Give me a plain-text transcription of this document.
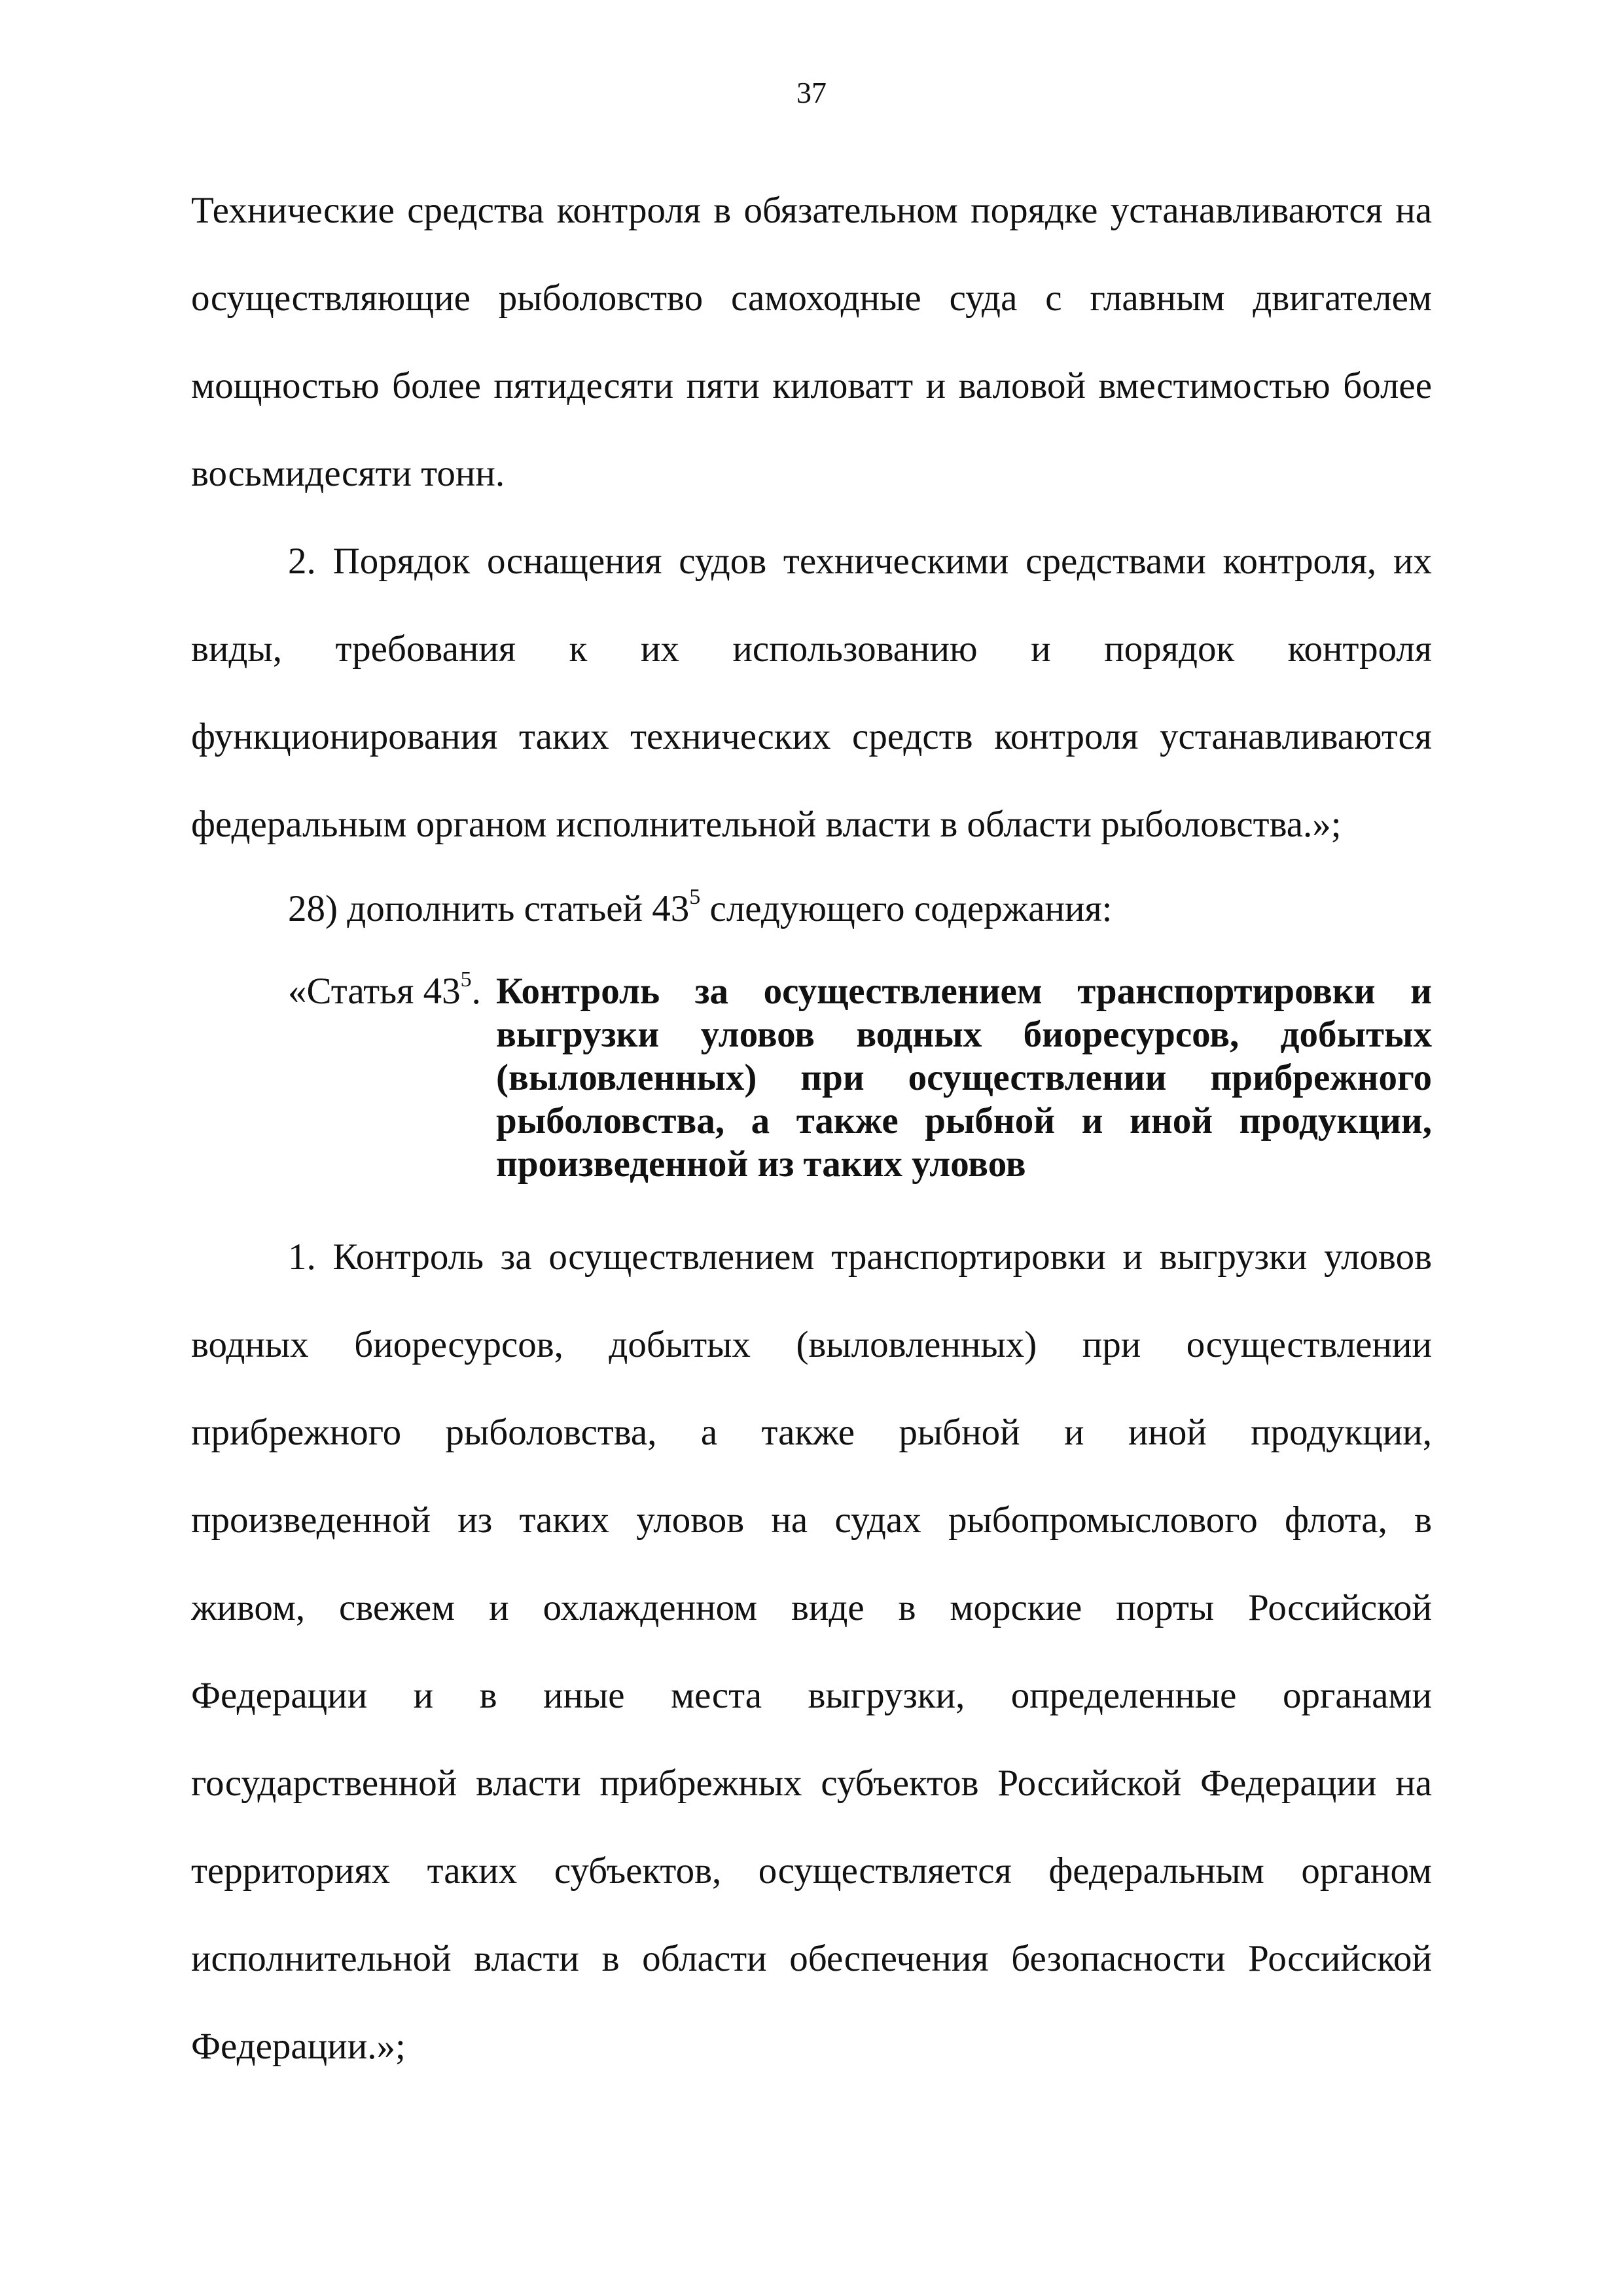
37
Технические средства контроля в обязательном порядке устанавливаются на
осуществляющие рыболовство самоходные суда с главным двигателем
мощностью более пятидесяти пяти киловатт и валовой вместимостью более
восьмидесяти тонн.
2. Порядок оснащения судов техническими средствами контроля, их
виды, требования к их использованию и порядок контроля
функционирования таких технических средств контроля устанавливаются
федеральным органом исполнительной власти в области рыболовства.»;
28) дополнить статьей $43^5$ следующего содержания:
«Статья $43^5$. Контроль за осуществлением транспортировки и
выгрузки уловов водных биоресурсов, добытых
(выловленных) при осуществлении прибрежного
рыболовства, а также рыбной и иной продукции,
произведенной из таких уловов
1. Контроль за осуществлением транспортировки и выгрузки уловов
водных биоресурсов, добытых (выловленных) при осуществлении
прибрежного рыболовства, а также рыбной и иной продукции,
произведенной из таких уловов на судах рыбопромыслового флота, в
живом, свежем и охлажденном виде в морские порты Российской
Федерации и в иные места выгрузки, определенные органами
государственной власти прибрежных субъектов Российской Федерации на
территориях таких субъектов, осуществляется федеральным органом
исполнительной власти в области обеспечения безопасности Российской
Федерации.»;
